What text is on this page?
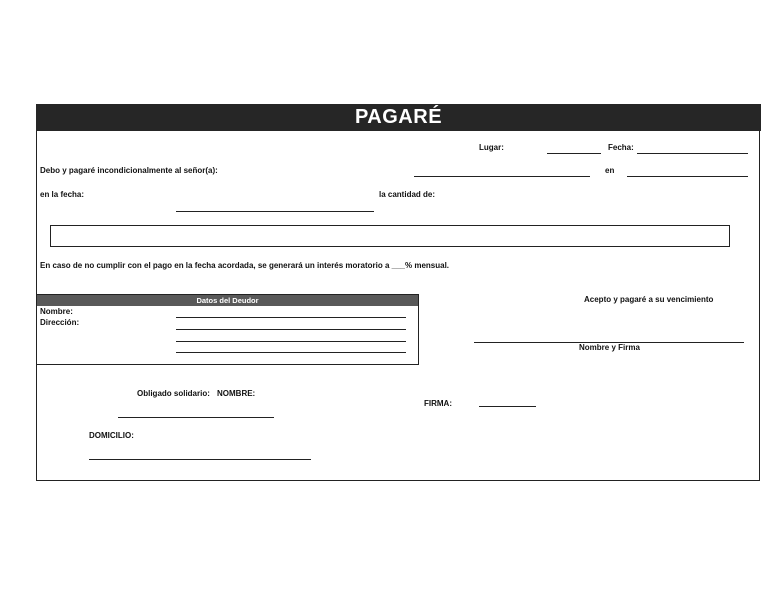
PAGARÉ
Lugar:	Fecha:
Debo y pagaré incondicionalmente al señor(a):	en
en la fecha:	la cantidad de:
En caso de no cumplir con el pago en la fecha acordada, se generará un interés moratorio a ___% mensual.
Datos del Deudor
Nombre:
Dirección:
Acepto y pagaré a su vencimiento
Nombre y Firma
Obligado solidario: NOMBRE:
FIRMA:
DOMICILIO:
